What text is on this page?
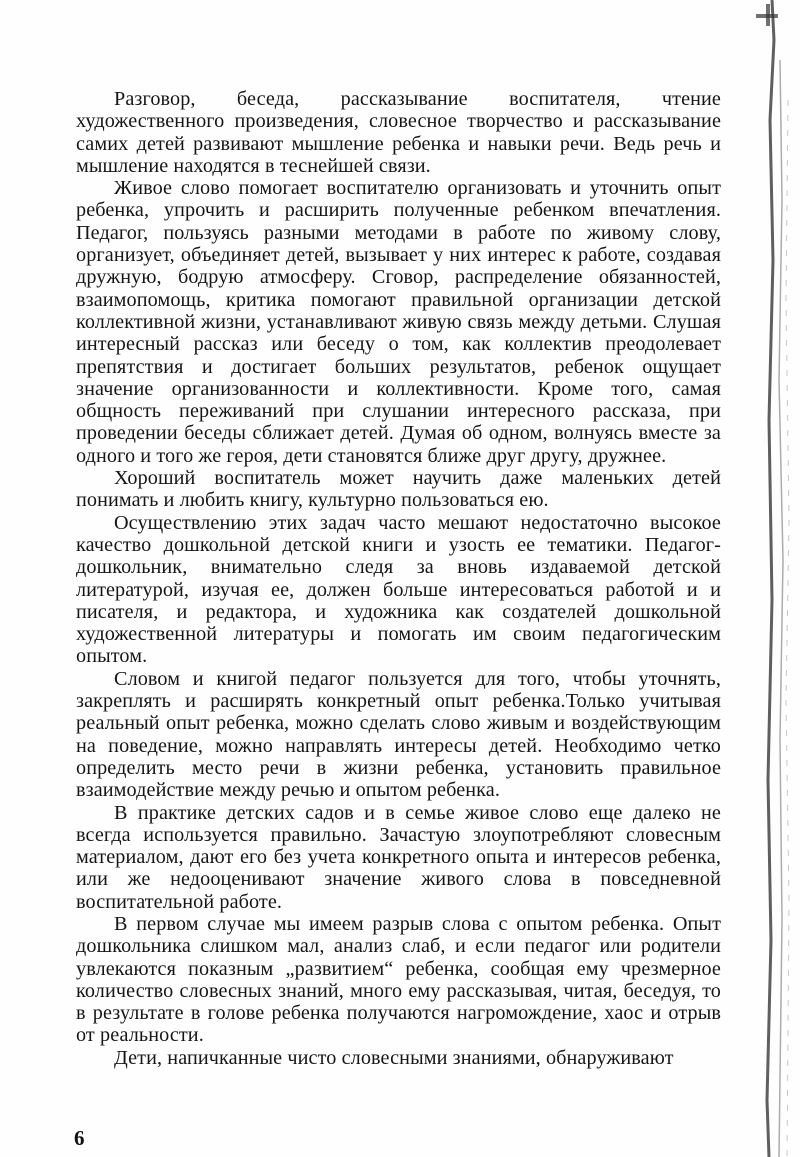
Разговор, беседа, рассказывание воспитателя, чтение художественного произведения, словесное творчество и рассказывание самих детей развивают мышление ребенка и навыки речи. Ведь речь и мышление находятся в теснейшей связи.

Живое слово помогает воспитателю организовать и уточнить опыт ребенка, упрочить и расширить полученные ребенком впечатления. Педагог, пользуясь разными методами в работе по живому слову, организует, объединяет детей, вызывает у них интерес к работе, создавая дружную, бодрую атмосферу. Сговор, распределение обязанностей, взаимопомощь, критика помогают правильной организации детской коллективной жизни, устанавливают живую связь между детьми. Слушая интересный рассказ или беседу о том, как коллектив преодолевает препятствия и достигает больших результатов, ребенок ощущает значение организованности и коллективности. Кроме того, самая общность переживаний при слушании интересного рассказа, при проведении беседы сближает детей. Думая об одном, волнуясь вместе за одного и того же героя, дети становятся ближе друг другу, дружнее.

Хороший воспитатель может научить даже маленьких детей понимать и любить книгу, культурно пользоваться ею.

Осуществлению этих задач часто мешают недостаточно высокое качество дошкольной детской книги и узость ее тематики. Педагог-дошкольник, внимательно следя за вновь издаваемой детской литературой, изучая ее, должен больше интересоваться работой и и писателя, и редактора, и художника как создателей дошкольной художественной литературы и помогать им своим педагогическим опытом.

Словом и книгой педагог пользуется для того, чтобы уточнять, закреплять и расширять конкретный опыт ребенка.Только учитывая реальный опыт ребенка, можно сделать слово живым и воздействующим на поведение, можно направлять интересы детей. Необходимо четко определить место речи в жизни ребенка, установить правильное взаимодействие между речью и опытом ребенка.

В практике детских садов и в семье живое слово еще далеко не всегда используется правильно. Зачастую злоупотребляют словесным материалом, дают его без учета конкретного опыта и интересов ребенка, или же недооценивают значение живого слова в повседневной воспитательной работе.

В первом случае мы имеем разрыв слова с опытом ребенка. Опыт дошкольника слишком мал, анализ слаб, и если педагог или родители увлекаются показным „развитием“ ребенка, сообщая ему чрезмерное количество словесных знаний, много ему рассказывая, читая, беседуя, то в результате в голове ребенка получаются нагромождение, хаос и отрыв от реальности.

Дети, напичканные чисто словесными знаниями, обнаруживают

6
